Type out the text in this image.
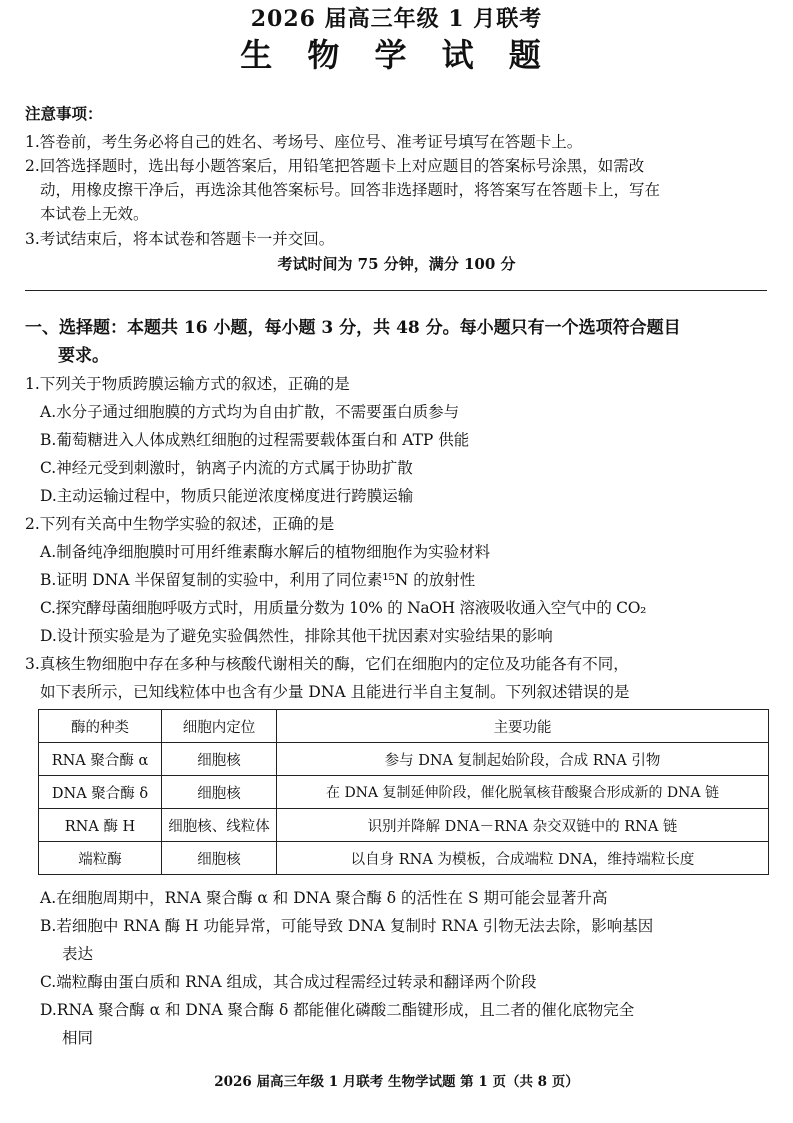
2026 届高三年级 1 月联考
生 物 学 试 题
注意事项：
1.答卷前，考生务必将自己的姓名、考场号、座位号、准考证号填写在答题卡上。
2.回答选择题时，选出每小题答案后，用铅笔把答题卡上对应题目的答案标号涂黑，如需改
动，用橡皮擦干净后，再选涂其他答案标号。回答非选择题时，将答案写在答题卡上，写在
本试卷上无效。
3.考试结束后，将本试卷和答题卡一并交回。
考试时间为 75 分钟，满分 100 分
一、选择题：本题共 16 小题，每小题 3 分，共 48 分。每小题只有一个选项符合题目
要求。
1.下列关于物质跨膜运输方式的叙述，正确的是
A.水分子通过细胞膜的方式均为自由扩散，不需要蛋白质参与
B.葡萄糖进入人体成熟红细胞的过程需要载体蛋白和 ATP 供能
C.神经元受到刺激时，钠离子内流的方式属于协助扩散
D.主动运输过程中，物质只能逆浓度梯度进行跨膜运输
2.下列有关高中生物学实验的叙述，正确的是
A.制备纯净细胞膜时可用纤维素酶水解后的植物细胞作为实验材料
B.证明 DNA 半保留复制的实验中，利用了同位素¹⁵N 的放射性
C.探究酵母菌细胞呼吸方式时，用质量分数为 10% 的 NaOH 溶液吸收通入空气中的 CO₂
D.设计预实验是为了避免实验偶然性，排除其他干扰因素对实验结果的影响
3.真核生物细胞中存在多种与核酸代谢相关的酶，它们在细胞内的定位及功能各有不同，
如下表所示，已知线粒体中也含有少量 DNA 且能进行半自主复制。下列叙述错误的是
酶的种类	细胞内定位	主要功能
RNA 聚合酶 α	细胞核	参与 DNA 复制起始阶段，合成 RNA 引物
DNA 聚合酶 δ	细胞核	在 DNA 复制延伸阶段，催化脱氧核苷酸聚合形成新的 DNA 链
RNA 酶 H	细胞核、线粒体	识别并降解 DNA－RNA 杂交双链中的 RNA 链
端粒酶	细胞核	以自身 RNA 为模板，合成端粒 DNA，维持端粒长度
A.在细胞周期中，RNA 聚合酶 α 和 DNA 聚合酶 δ 的活性在 S 期可能会显著升高
B.若细胞中 RNA 酶 H 功能异常，可能导致 DNA 复制时 RNA 引物无法去除，影响基因
表达
C.端粒酶由蛋白质和 RNA 组成，其合成过程需经过转录和翻译两个阶段
D.RNA 聚合酶 α 和 DNA 聚合酶 δ 都能催化磷酸二酯键形成，且二者的催化底物完全
相同
2026 届高三年级 1 月联考 生物学试题 第 1 页（共 8 页）
